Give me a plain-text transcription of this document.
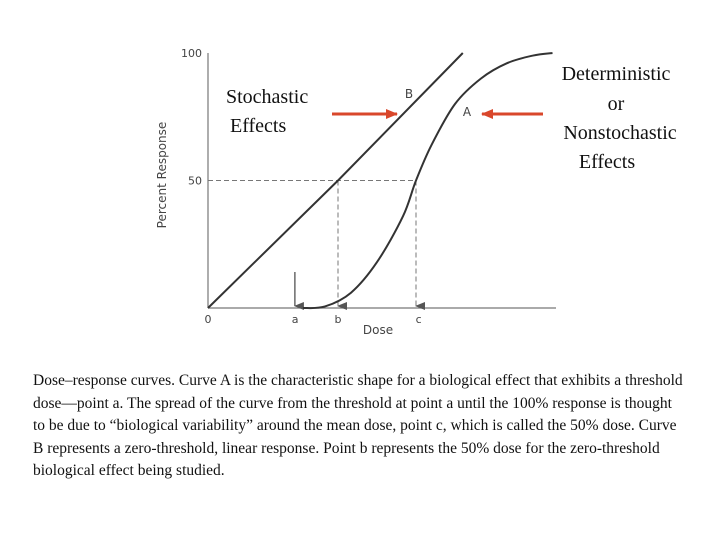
0
50
100
Percent Response
Dose
a	b	c
B
A
Stochastic
Effects
Deterministic
or
Nonstochastic
Effects
Dose–response curves. Curve A is the characteristic shape for a biological effect that exhibits a threshold dose—point a. The spread of the curve from the threshold at point a until the 100% response is thought to be due to “biological variability” around the mean dose, point c, which is called the 50% dose. Curve B represents a zero-threshold, linear response. Point b represents the 50% dose for the zero-threshold biological effect being studied.
